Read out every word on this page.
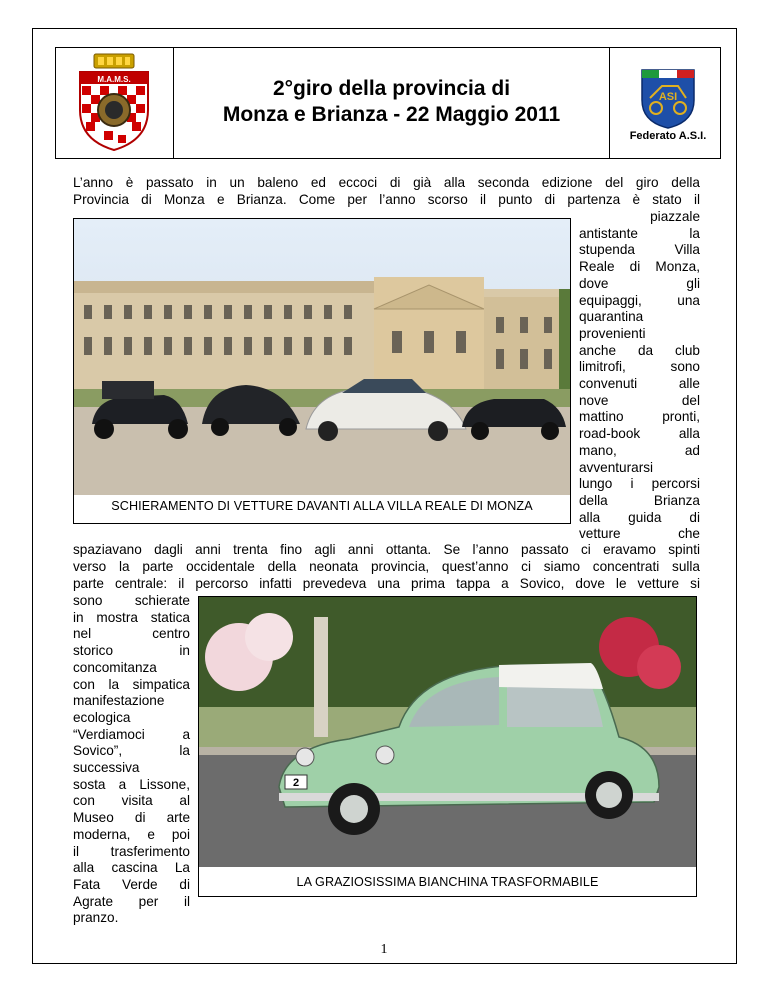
M.A.M.S.	2°giro della provincia di
Monza e Brianza - 22 Maggio 2011
ASI
Federato A.S.I.
L’anno è passato in un baleno ed eccoci di già alla seconda edizione del giro della
Provincia di Monza e Brianza. Come per l’anno scorso il punto di partenza è stato il
SCHIERAMENTO DI VETTURE DAVANTI ALLA VILLA REALE DI MONZA
piazzale
antistante la
stupenda Villa
Reale di Monza,
dove gli
equipaggi, una
quarantina
provenienti
anche da club
limitrofi, sono
convenuti alle
nove del
mattino pronti,
road-book alla
mano, ad
avventurarsi
lungo i percorsi
della Brianza
alla guida di
vetture che
spaziavano dagli anni trenta fino agli anni ottanta. Se l’anno passato ci eravamo spinti
verso la parte occidentale della neonata provincia, quest’anno ci siamo concentrati sulla
parte centrale: il percorso infatti prevedeva una prima tappa a Sovico, dove le vetture si
2
LA GRAZIOSISSIMA BIANCHINA TRASFORMABILE
sono schierate
in mostra statica
nel centro
storico in
concomitanza
con la simpatica
manifestazione
ecologica
“Verdiamoci a
Sovico”, la
successiva
sosta a Lissone,
con visita al
Museo di arte
moderna, e poi
il trasferimento
alla cascina La
Fata Verde di
Agrate per il
pranzo.
1
